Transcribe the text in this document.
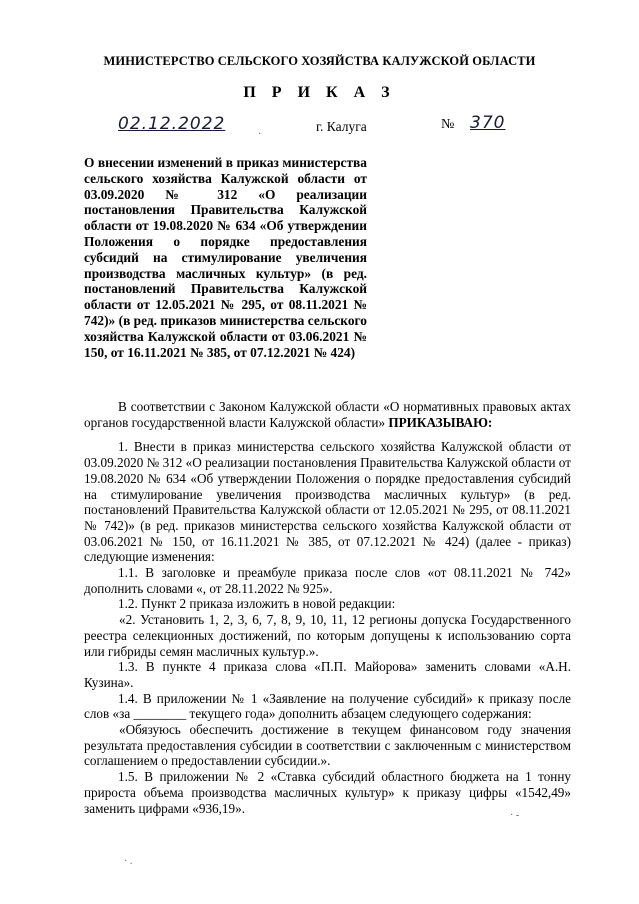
МИНИСТЕРСТВО СЕЛЬСКОГО ХОЗЯЙСТВА КАЛУЖСКОЙ ОБЛАСТИ
П Р И К А З
02.12.2022
·
г. Калуга	№ 370
О внесении изменений в приказ министерства сельского хозяйства Калужской области от 03.09.2020 № 312 «О реализации постановления Правительства Калужской области от 19.08.2020 № 634 «Об утверждении Положения о порядке предоставления субсидий на стимулирование увеличения производства масличных культур» (в ред. постановлений Правительства Калужской области от 12.05.2021 № 295, от 08.11.2021 № 742)» (в ред. приказов министерства сельского хозяйства Калужской области от 03.06.2021 № 150, от 16.11.2021 № 385, от 07.12.2021 № 424)

В соответствии с Законом Калужской области «О нормативных правовых актах органов государственной власти Калужской области» ПРИКАЗЫВАЮ:

1. Внести в приказ министерства сельского хозяйства Калужской области от 03.09.2020 № 312 «О реализации постановления Правительства Калужской области от 19.08.2020 № 634 «Об утверждении Положения о порядке предоставления субсидий на стимулирование увеличения производства масличных культур» (в ред. постановлений Правительства Калужской области от 12.05.2021 № 295, от 08.11.2021 № 742)» (в ред. приказов министерства сельского хозяйства Калужской области от 03.06.2021 № 150, от 16.11.2021 № 385, от 07.12.2021 № 424) (далее - приказ) следующие изменения:

1.1. В заголовке и преамбуле приказа после слов «от 08.11.2021 № 742» дополнить словами «, от 28.11.2022 № 925».

1.2. Пункт 2 приказа изложить в новой редакции:

«2. Установить 1, 2, 3, 6, 7, 8, 9, 10, 11, 12 регионы допуска Государственного реестра селекционных достижений, по которым допущены к использованию сорта или гибриды семян масличных культур.».

1.3. В пункте 4 приказа слова «П.П. Майорова» заменить словами «А.Н. Кузина».

1.4. В приложении № 1 «Заявление на получение субсидий» к приказу после слов «за ________ текущего года» дополнить абзацем следующего содержания:

«Обязуюсь обеспечить достижение в текущем финансовом году значения результата предоставления субсидии в соответствии с заключенным с министерством соглашением о предоставлении субсидии.».

1.5. В приложении № 2 «Ставка субсидий областного бюджета на 1 тонну прироста объема производства масличных культур» к приказу цифры «1542,49» заменить цифрами «936,19».	· -
· .
